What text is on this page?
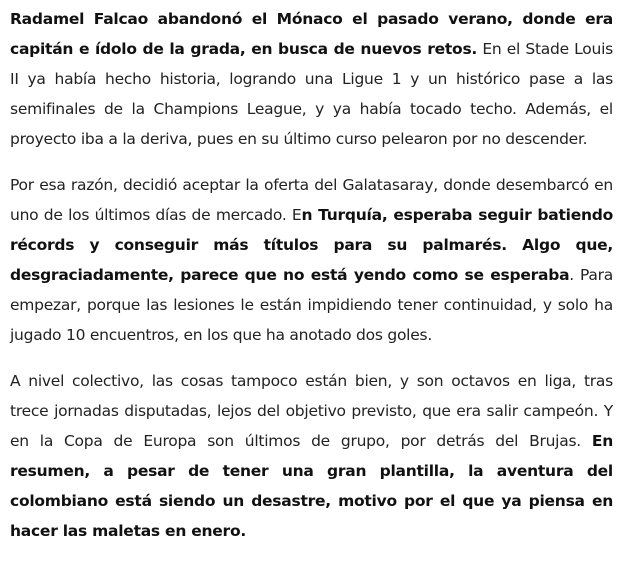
Radamel Falcao abandonó el Mónaco el pasado verano, donde era capitán e ídolo de la grada, en busca de nuevos retos. En el Stade Louis II ya había hecho historia, logrando una Ligue 1 y un histórico pase a las semifinales de la Champions League, y ya había tocado techo. Además, el proyecto iba a la deriva, pues en su último curso pelearon por no descender.

Por esa razón, decidió aceptar la oferta del Galatasaray, donde desembarcó en uno de los últimos días de mercado. En Turquía, esperaba seguir batiendo récords y conseguir más títulos para su palmarés. Algo que, desgraciadamente, parece que no está yendo como se esperaba. Para empezar, porque las lesiones le están impidiendo tener continuidad, y solo ha jugado 10 encuentros, en los que ha anotado dos goles.

A nivel colectivo, las cosas tampoco están bien, y son octavos en liga, tras trece jornadas disputadas, lejos del objetivo previsto, que era salir campeón. Y en la Copa de Europa son últimos de grupo, por detrás del Brujas. En resumen, a pesar de tener una gran plantilla, la aventura del colombiano está siendo un desastre, motivo por el que ya piensa en hacer las maletas en enero.
